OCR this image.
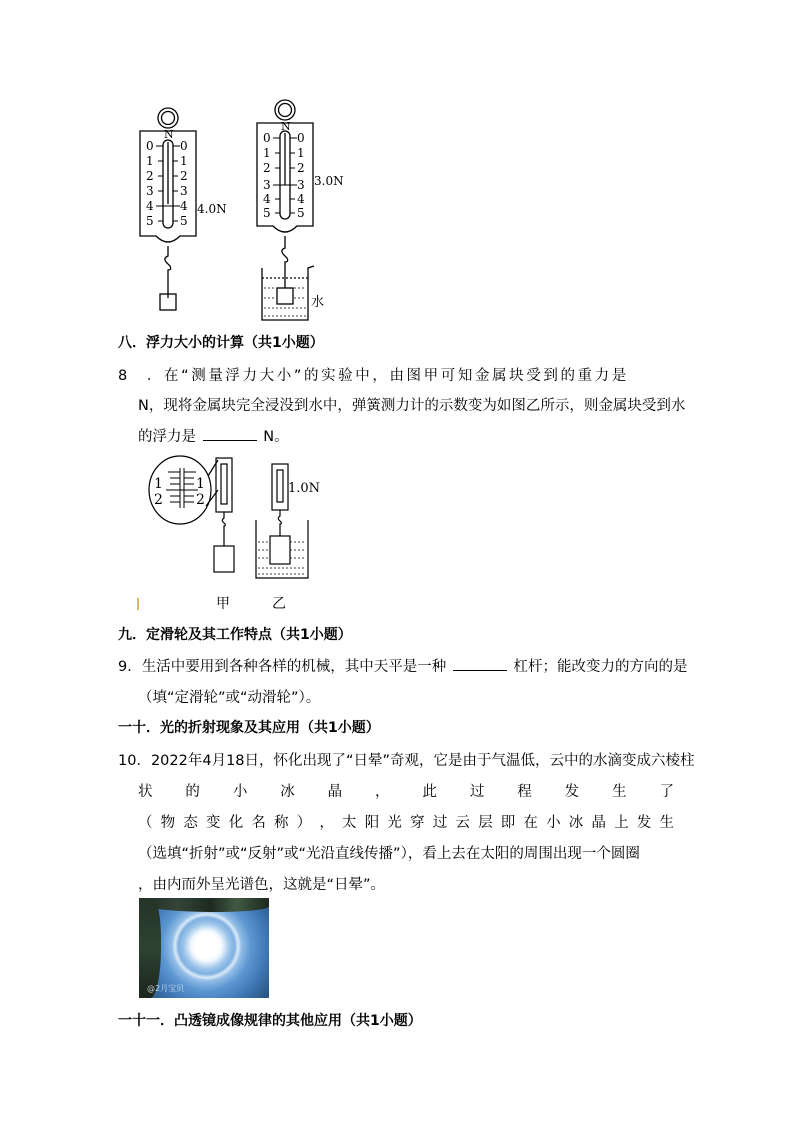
N
N
0
1
2
3
4
5
0
1
2
3
4
5
0
1
2
3
4
5
0
1
2
3
4
5
4.0N
3.0N
水
八．浮力大小的计算（共1小题）
8　．在“测量浮力大小”的实验中，由图甲可知金属块受到的重力是
N，现将金属块完全浸没到水中，弹簧测力计的示数变为如图乙所示，则金属块受到水
的浮力是	N。
1
2
1
2
1.0N
甲	乙
九．定滑轮及其工作特点（共1小题）
9．生活中要用到各种各样的机械，其中天平是一种	杠杆；能改变力的方向的是
（填“定滑轮”或“动滑轮”）。
一十．光的折射现象及其应用（共1小题）
10．2022年4月18日，怀化出现了“日晕”奇观，它是由于气温低，云中的水滴变成六棱柱
状 的 小 冰 晶 ， 此 过 程 发 生 了
（ 物 态 变 化 名 称 ） ， 太 阳 光 穿 过 云 层 即 在 小 冰 晶 上 发 生
（选填“折射”或“反射”或“光沿直线传播”），看上去在太阳的周围出现一个圆圈
，由内而外呈光谱色，这就是“日晕”。
@2月宝贝
一十一．凸透镜成像规律的其他应用（共1小题）
